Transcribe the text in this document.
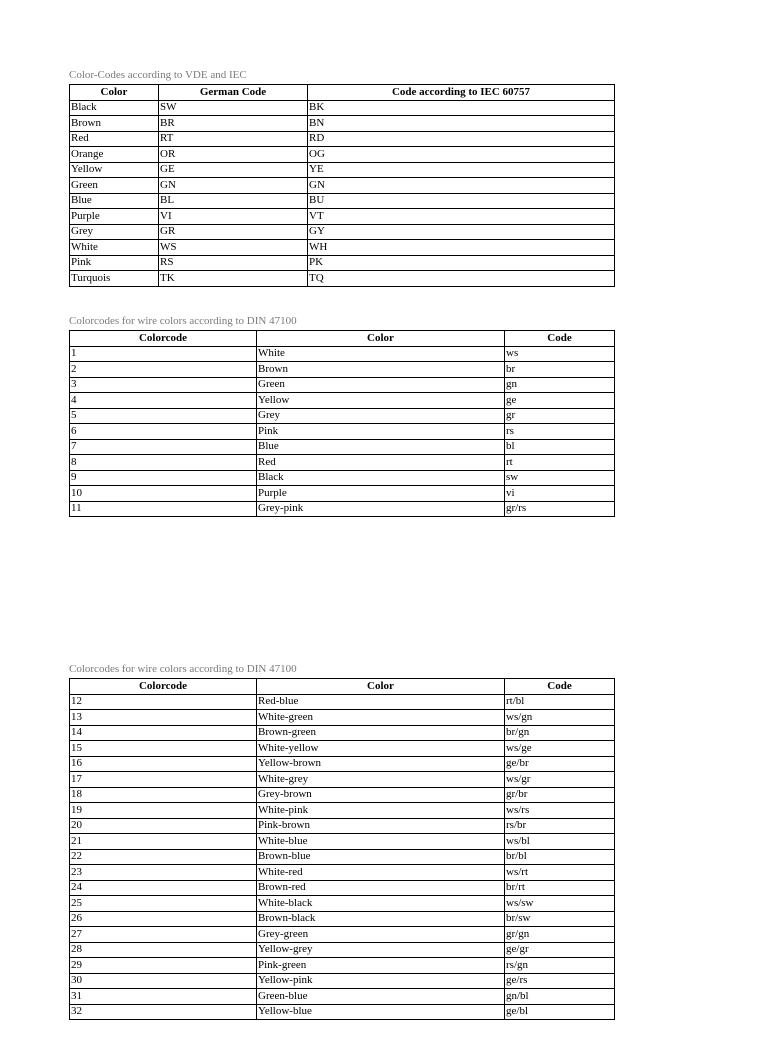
Color-Codes according to VDE and IEC
Color	German Code	Code according to IEC 60757
Black	SW	BK
Brown	BR	BN
Red	RT	RD
Orange	OR	OG
Yellow	GE	YE
Green	GN	GN
Blue	BL	BU
Purple	VI	VT
Grey	GR	GY
White	WS	WH
Pink	RS	PK
Turquois	TK	TQ
Colorcodes for wire colors according to DIN 47100
Colorcode	Color	Code
1	White	ws
2	Brown	br
3	Green	gn
4	Yellow	ge
5	Grey	gr
6	Pink	rs
7	Blue	bl
8	Red	rt
9	Black	sw
10	Purple	vi
11	Grey-pink	gr/rs
Colorcodes for wire colors according to DIN 47100
Colorcode	Color	Code
12	Red-blue	rt/bl
13	White-green	ws/gn
14	Brown-green	br/gn
15	White-yellow	ws/ge
16	Yellow-brown	ge/br
17	White-grey	ws/gr
18	Grey-brown	gr/br
19	White-pink	ws/rs
20	Pink-brown	rs/br
21	White-blue	ws/bl
22	Brown-blue	br/bl
23	White-red	ws/rt
24	Brown-red	br/rt
25	White-black	ws/sw
26	Brown-black	br/sw
27	Grey-green	gr/gn
28	Yellow-grey	ge/gr
29	Pink-green	rs/gn
30	Yellow-pink	ge/rs
31	Green-blue	gn/bl
32	Yellow-blue	ge/bl
